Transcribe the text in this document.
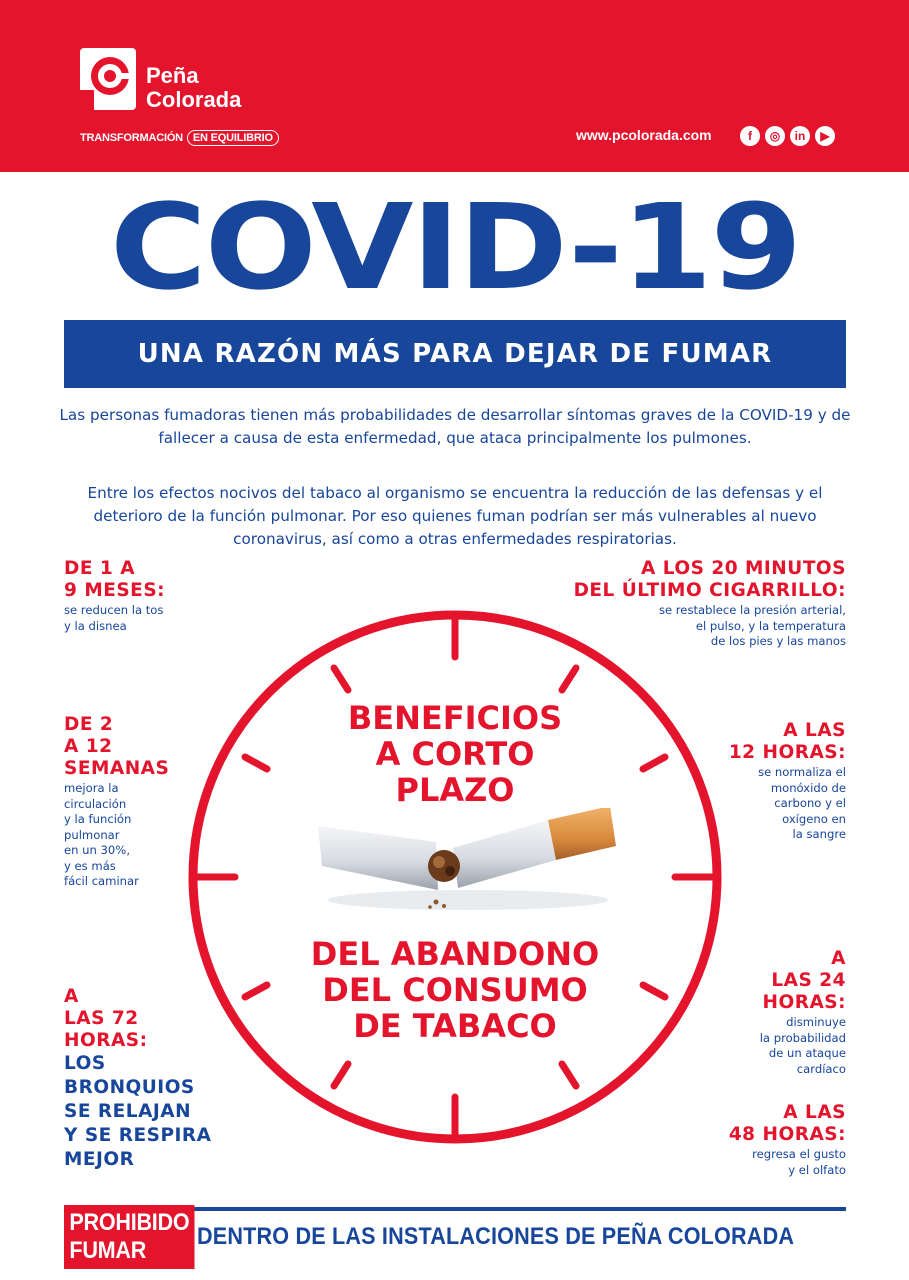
Peña
Colorada
TRANSFORMACIÓN EN EQUILIBRIO	www.pcolorada.com	f	◎	in	▶
COVID-19
UNA RAZÓN MÁS PARA DEJAR DE FUMAR
Las personas fumadoras tienen más probabilidades de desarrollar síntomas graves de la COVID-19 y de fallecer a causa de esta enfermedad, que ataca principalmente los pulmones.
Entre los efectos nocivos del tabaco al organismo se encuentra la reducción de las defensas y el deterioro de la función pulmonar. Por eso quienes fuman podrían ser más vulnerables al nuevo coronavirus, así como a otras enfermedades respiratorias.
BENEFICIOS
A CORTO
PLAZO
DEL ABANDONO
DEL CONSUMO
DE TABACO
DE 1 A
9 MESES:
se reducen la tos
y la disnea
DE 2
A 12
SEMANAS
mejora la
circulación
y la función
pulmonar
en un 30%,
y es más
fácil caminar
A
LAS 72
HORAS:
LOS
BRONQUIOS
SE RELAJAN
Y SE RESPIRA
MEJOR
A LOS 20 MINUTOS
DEL ÚLTIMO CIGARRILLO:
se restablece la presión arterial,
el pulso, y la temperatura
de los pies y las manos
A LAS
12 HORAS:
se normaliza el
monóxido de
carbono y el
oxígeno en
la sangre
A
LAS 24
HORAS:
disminuye
la probabilidad
de un ataque
cardíaco
A LAS
48 HORAS:
regresa el gusto
y el olfato
PROHIBIDO FUMAR
DENTRO DE LAS INSTALACIONES DE PEÑA COLORADA
